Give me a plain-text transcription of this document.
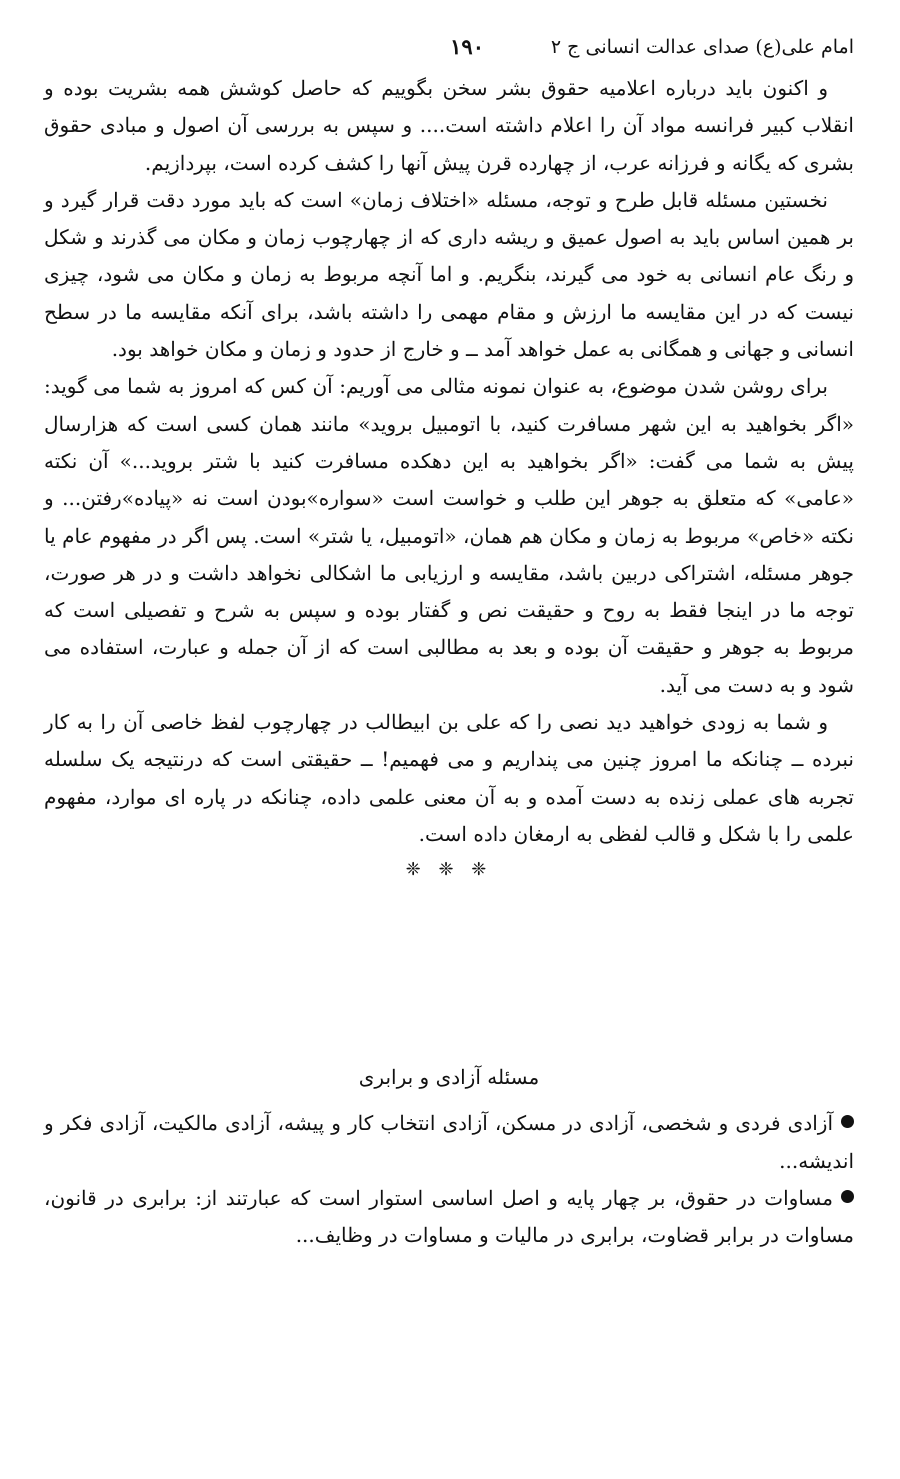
امام علی(ع) صدای عدالت انسانی ج ۲
۱۹۰

و اکنون باید درباره اعلامیه حقوق بشر سخن بگوییم که حاصل کوشش همه بشریت بوده و انقلاب کبیر فرانسه مواد آن را اعلام داشته است.... و سپس به بررسی آن اصول و مبادی حقوق بشری که یگانه و فرزانه عرب، از چهارده قرن پیش آنها را کشف کرده است، بپردازیم.

نخستین مسئله قابل طرح و توجه، مسئله «اختلاف زمان» است که باید مورد دقت قرار گیرد و بر همین اساس باید به اصول عمیق و ریشه داری که از چهارچوب زمان و مکان می گذرند و شکل و رنگ عام انسانی به خود می گیرند، بنگریم. و اما آنچه مربوط به زمان و مکان می شود، چیزی نیست که در این مقایسه ما ارزش و مقام مهمی را داشته باشد، برای آنکه مقایسه ما در سطح انسانی و جهانی و همگانی به عمل خواهد آمد ــ و خارج از حدود و زمان و مکان خواهد بود.

برای روشن شدن موضوع، به عنوان نمونه مثالی می آوریم: آن کس که امروز به شما می گوید: «اگر بخواهید به این شهر مسافرت کنید، با اتومبیل بروید» مانند همان کسی است که هزارسال پیش به شما می گفت: «اگر بخواهید به این دهکده مسافرت کنید با شتر بروید...» آن نکته «عامی» که متعلق به جوهر این طلب و خواست است «سواره»بودن است نه «پیاده»رفتن... و نکته «خاص» مربوط به زمان و مکان هم همان، «اتومبیل، یا شتر» است. پس اگر در مفهوم عام یا جوهر مسئله، اشتراکی دربین باشد، مقایسه و ارزیابی ما اشکالی نخواهد داشت و در هر صورت، توجه ما در اینجا فقط به روح و حقیقت نص و گفتار بوده و سپس به شرح و تفصیلی است که مربوط به جوهر و حقیقت آن بوده و بعد به مطالبی است که از آن جمله و عبارت، استفاده می شود و به دست می آید.

و شما به زودی خواهید دید نصی را که علی بن ابیطالب در چهارچوب لفظ خاصی آن را به کار نبرده ــ چنانکه ما امروز چنین می پنداریم و می فهمیم! ــ حقیقتی است که درنتیجه یک سلسله تجربه های عملی زنده به دست آمده و به آن معنی علمی داده، چنانکه در پاره ای موارد، مفهوم علمی را با شکل و قالب لفظی به ارمغان داده است.

❈ ❈ ❈
مسئله آزادی و برابری

آزادی فردی و شخصی، آزادی در مسکن، آزادی انتخاب کار و پیشه، آزادی مالکیت، آزادی فکر و اندیشه...

مساوات در حقوق، بر چهار پایه و اصل اساسی استوار است که عبارتند از: برابری در قانون، مساوات در برابر قضاوت، برابری در مالیات و مساوات در وظایف...
